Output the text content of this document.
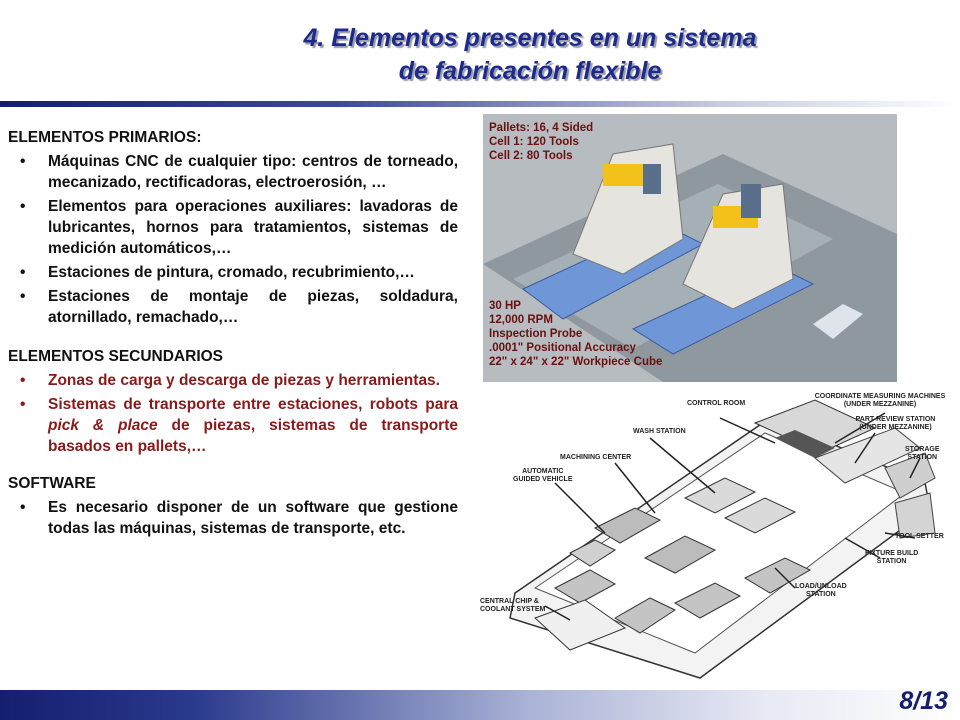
4. Elementos presentes en un sistema
de fabricación flexible
ELEMENTOS PRIMARIOS:
• Máquinas CNC de cualquier tipo: centros de torneado, mecanizado, rectificadoras, electroerosión, …
• Elementos para operaciones auxiliares: lavadoras de lubricantes, hornos para tratamientos, sistemas de medición automáticos,…
• Estaciones de pintura, cromado, recubrimiento,…
• Estaciones de montaje de piezas, soldadura, atornillado, remachado,…
ELEMENTOS SECUNDARIOS
• Zonas de carga y descarga de piezas y herramientas.
• Sistemas de transporte entre estaciones, robots para pick & place de piezas, sistemas de transporte basados en pallets,…
SOFTWARE
• Es necesario disponer de un software que gestione todas las máquinas, sistemas de transporte, etc.
Pallets: 16, 4 Sided
Cell 1: 120 Tools
Cell 2: 80 Tools
30 HP
12,000 RPM
Inspection Probe
.0001" Positional Accuracy
22" x 24" x 22" Workpiece Cube
CONTROL ROOM
COORDINATE MEASURING MACHINES
(UNDER MEZZANINE)
PART REVIEW STATION
(UNDER MEZZANINE)
WASH STATION
STORAGE
STATION
MACHINING CENTER
AUTOMATIC
GUIDED VEHICLE
TOOL SETTER
FIXTURE BUILD
STATION
LOAD/UNLOAD
STATION
CENTRAL CHIP &
COOLANT SYSTEM
8/13
